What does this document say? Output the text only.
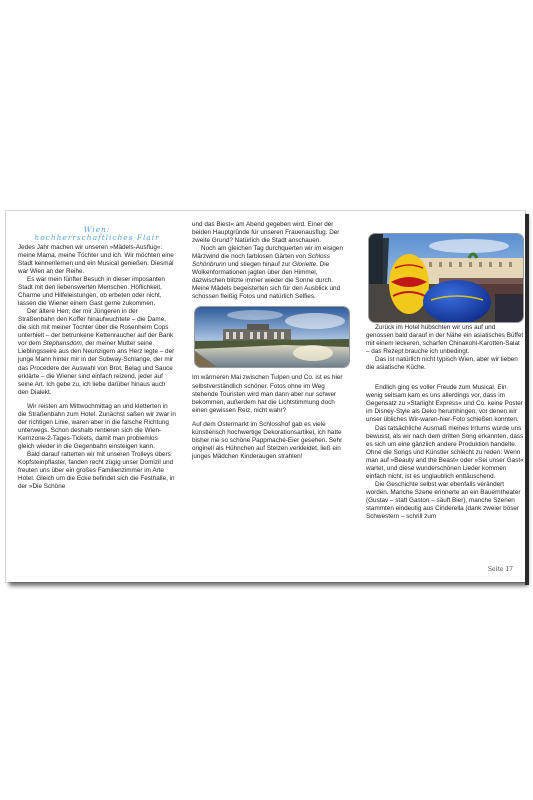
Wien:
hochherrschaftliches Flair

Jedes Jahr machen wir unseren »Mädels-Ausflug«: meine Mama, meine Töchter und ich. Wir möchten eine Stadt kennenlernen und ein Musical genießen. Diesmal war Wien an der Reihe.

Es war mein fünfter Besuch in dieser imposanten Stadt mit den liebenswerten Menschen. Höflichkeit, Charme und Hilfeleistungen, ob erbeten oder nicht, lassen die Wiener einem Gast gerne zukommen.

Der ältere Herr, der mir Jüngeren in der Straßenbahn den Koffer hinaufwuchtete – die Dame, die sich mit meiner Tochter über die Rosenheim Cops unterhielt – der betrunkene Kettenraucher auf der Bank vor dem Stephansdom, der meiner Mutter seine Lieblingsseire aus den Neunzigern ans Herz legte – der junge Mann hinter mir in der Subway-Schlange, der mir das Procedere der Auswahl von Brot, Belag und Sauce erklärte – die Wiener sind einfach reizend, jeder auf seine Art. Ich gebe zu, ich liebe darüber hinaus auch den Dialekt.

Wir reisten am Mittwochmittag an und kletterten in die Straßenbahn zum Hotel. Zunächst saßen wir zwar in der richtigen Linie, waren aber in die falsche Richtung unterwegs. Schon deshalb rentieren sich die Wien-Kernzone-2-Tages-Tickets, damit man problemlos gleich wieder in die Gegenbahn einsteigen kann.

Bald darauf ratterten wir mit unseren Trolleys übers Kopfsteinpflaster, fanden recht zügig unser Domizil und freuten uns über ein großes Familienzimmer im Arte Hotel. Gleich um die Ecke befindet sich die Festhalle, in der »Die Schöne

und das Biest« am Abend gegeben wird. Einer der beiden Hauptgründe für unseren Frauenausflug. Der zweite Grund? Natürlich die Stadt anschauen.

Noch am gleichen Tag durchquerten wir im eisigen Märzwind die noch farblosen Gärten von Schloss Schönbrunn und stiegen hinauf zur Gloriette. Die Wolkenformationen jagten über den Himmel, dazwischen blitzte immer wieder die Sonne durch. Meine Mädels begeisterten sich für den Ausblick und schossen fleißig Fotos und natürlich Selfies.

Im wärmeren Mai zwischen Tulpen und Co. ist es hier selbstverständlich schöner. Fotos ohne im Weg stehende Touristen wird man dann aber nur schwer bekommen, außerdem hat die Lichtstimmung doch einen gewissen Reiz, nicht wahr?

Auf dem Ostermarkt im Schlosshof gab es viele künstlerisch hochwertige Dekorationsartikel, ich hatte bisher nie so schöne Pappmaché-Eier gesehen. Sehr originell als Hühnchen auf Stelzen verkleidet, ließ ein junges Mädchen Kinderaugen strahlen!

Zurück im Hotel hübschten wir uns auf und genossen bald darauf in der Nähe ein asiatisches Büffet mit einem leckeren, scharfen Chinakohl-Karotten-Salat – das Rezept brauche ich unbedingt.

Das ist natürlich nicht typisch Wien, aber wir lieben die asiatische Küche.

Endlich ging es voller Freude zum Musical. Ein wenig seltsam kam es uns allerdings vor, dass im Gegensatz zu »Starlight Express« und Co. keine Poster im Disney-Style als Deko herumhingen, vor denen wir unser übliches Wir-waren-hier-Foto schießen konnten.

Das tatsächliche Ausmaß meines Irrtums wurde uns bewusst, als wir nach dem dritten Song erkannten, dass es sich um eine gänzlich andere Produktion handelte. Ohne die Songs und Künstler schlecht zu reden: Wenn man auf »Beauty and the Beast« oder »Sei unser Gast« wartet, und diese wunderschönen Lieder kommen einfach nicht, ist es unglaublich enttäuschend.

Die Geschichte selbst war ebenfalls verändert worden. Manche Szene erinnerte an ein Bauerntheater (Gustav – statt Gaston – säuft Bier), manche Szenen stammten eindeutig aus Cinderella (dank zweier böser Schwestern – schrill zum

Seite 17
